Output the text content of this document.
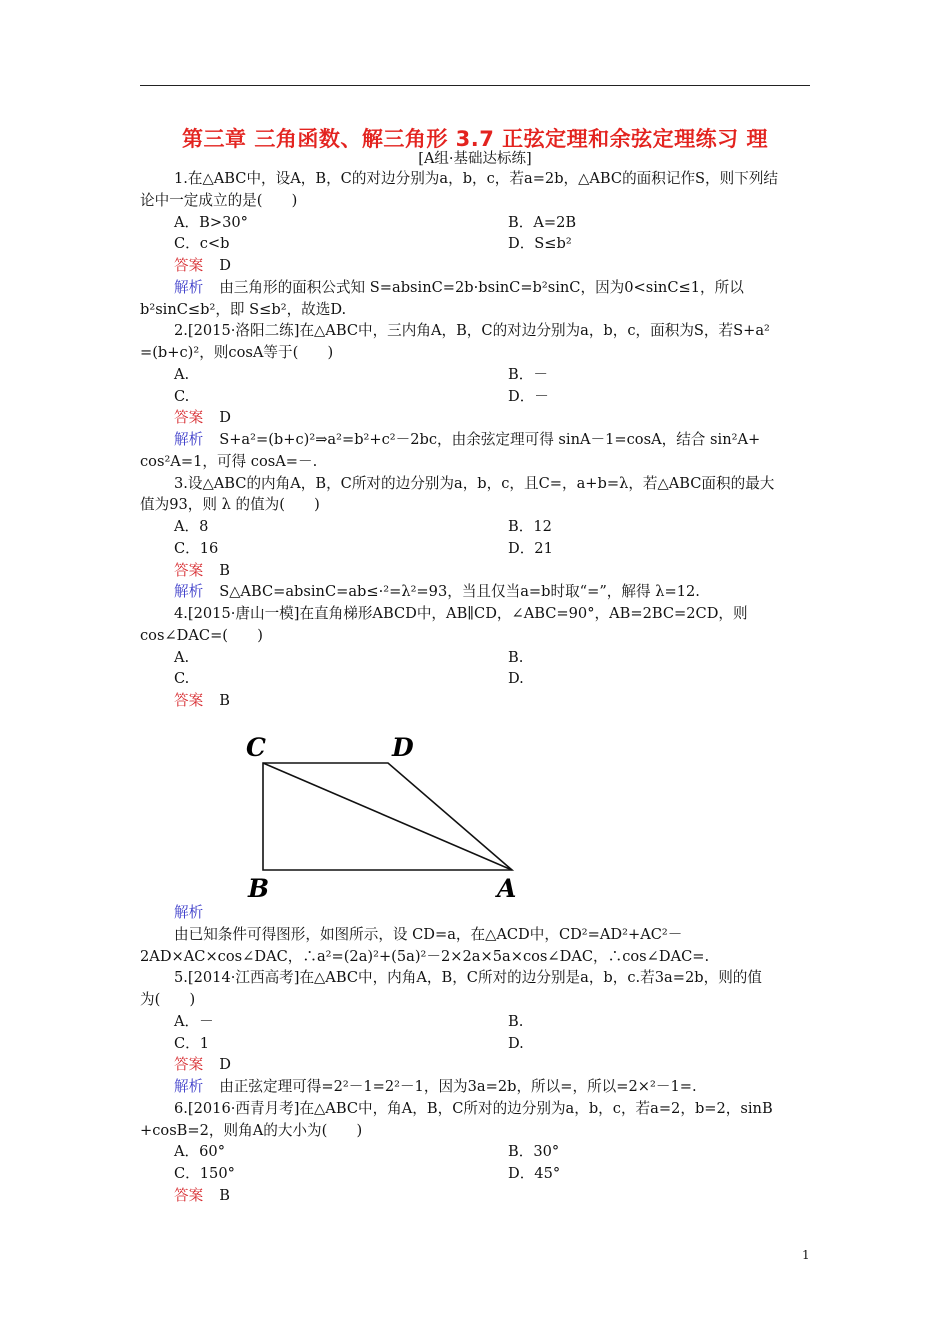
第三章 三角函数、解三角形 3.7 正弦定理和余弦定理练习 理
[A组·基础达标练]
1.在△ABC中，设A，B，C的对边分别为a，b，c，若a=2b，△ABC的面积记作S，则下列结
论中一定成立的是(　　)
A．B>30°	B．A=2B
C．c<b	D．S≤b²
答案 D
解析 由三角形的面积公式知 S=absinC=2b·bsinC=b²sinC，因为0<sinC≤1，所以
b²sinC≤b²，即 S≤b²，故选D.
2.[2015·洛阳二练]在△ABC中，三内角A，B，C的对边分别为a，b，c，面积为S，若S+a²
=(b+c)²，则cosA等于(　　)
A.	B．－
C.	D．－
答案 D
解析 S+a²=(b+c)²⇒a²=b²+c²－2bc，由余弦定理可得 sinA－1=cosA，结合 sin²A+
cos²A=1，可得 cosA=－.
3.设△ABC的内角A，B，C所对的边分别为a，b，c，且C=，a+b=λ，若△ABC面积的最大
值为93，则 λ 的值为(　　)
A．8	B．12
C．16	D．21
答案 B
解析 S△ABC=absinC=ab≤·²=λ²=93，当且仅当a=b时取“=”，解得 λ=12.
4.[2015·唐山一模]在直角梯形ABCD中，AB∥CD，∠ABC=90°，AB=2BC=2CD，则
cos∠DAC=(　　)
A.	B.
C.	D.
答案 B
C	D
B	A
解析
由已知条件可得图形，如图所示，设 CD=a，在△ACD中，CD²=AD²+AC²－
2AD×AC×cos∠DAC，∴a²=(2a)²+(5a)²－2×2a×5a×cos∠DAC，∴cos∠DAC=.
5.[2014·江西高考]在△ABC中，内角A，B，C所对的边分别是a，b，c.若3a=2b，则的值
为(　　)
A．－	B.
C．1	D.
答案 D
解析 由正弦定理可得=2²－1=2²－1，因为3a=2b，所以=，所以=2×²－1=.
6.[2016·西青月考]在△ABC中，角A，B，C所对的边分别为a，b，c，若a=2，b=2，sinB
+cosB=2，则角A的大小为(　　)
A．60°	B．30°
C．150°	D．45°
答案 B
1
